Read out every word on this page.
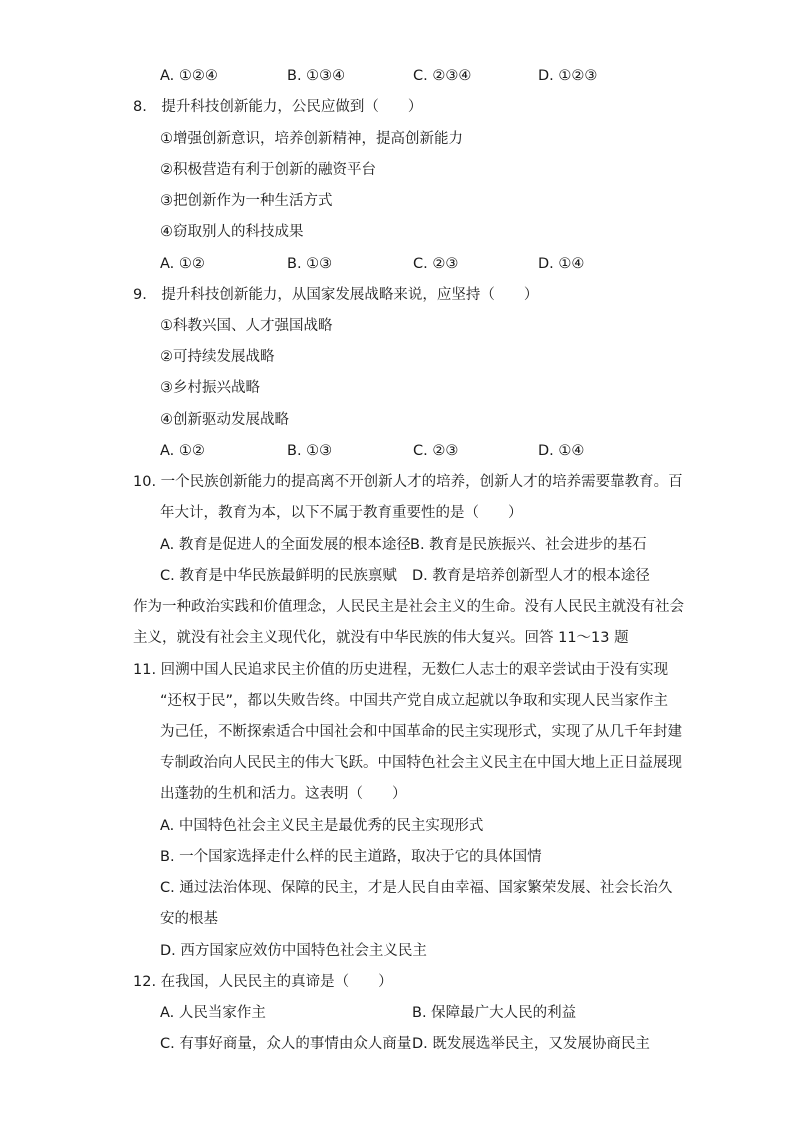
A. ①②④	B. ①③④	C. ②③④	D. ①②③
8.　提升科技创新能力，公民应做到（　　）
①增强创新意识，培养创新精神，提高创新能力
②积极营造有利于创新的融资平台
③把创新作为一种生活方式
④窃取别人的科技成果
A. ①②	B. ①③	C. ②③	D. ①④
9.　提升科技创新能力，从国家发展战略来说，应坚持（　　）
①科教兴国、人才强国战略
②可持续发展战略
③乡村振兴战略
④创新驱动发展战略
A. ①②	B. ①③	C. ②③	D. ①④
10. 一个民族创新能力的提高离不开创新人才的培养，创新人才的培养需要靠教育。百
年大计，教育为本，以下不属于教育重要性的是（　　）
A. 教育是促进人的全面发展的根本途径 B. 教育是民族振兴、社会进步的基石
C. 教育是中华民族最鲜明的民族禀赋 D. 教育是培养创新型人才的根本途径
作为一种政治实践和价值理念，人民民主是社会主义的生命。没有人民民主就没有社会
主义，就没有社会主义现代化，就没有中华民族的伟大复兴。回答 11～13 题
11. 回溯中国人民追求民主价值的历史进程，无数仁人志士的艰辛尝试由于没有实现
“还权于民”，都以失败告终。中国共产党自成立起就以争取和实现人民当家作主
为己任，不断探索适合中国社会和中国革命的民主实现形式，实现了从几千年封建
专制政治向人民民主的伟大飞跃。中国特色社会主义民主在中国大地上正日益展现
出蓬勃的生机和活力。这表明（　　）
A. 中国特色社会主义民主是最优秀的民主实现形式
B. 一个国家选择走什么样的民主道路，取决于它的具体国情
C. 通过法治体现、保障的民主，才是人民自由幸福、国家繁荣发展、社会长治久
安的根基
D. 西方国家应效仿中国特色社会主义民主
12. 在我国，人民民主的真谛是（　　）
A. 人民当家作主	B. 保障最广大人民的利益
C. 有事好商量，众人的事情由众人商量 D. 既发展选举民主，又发展协商民主
